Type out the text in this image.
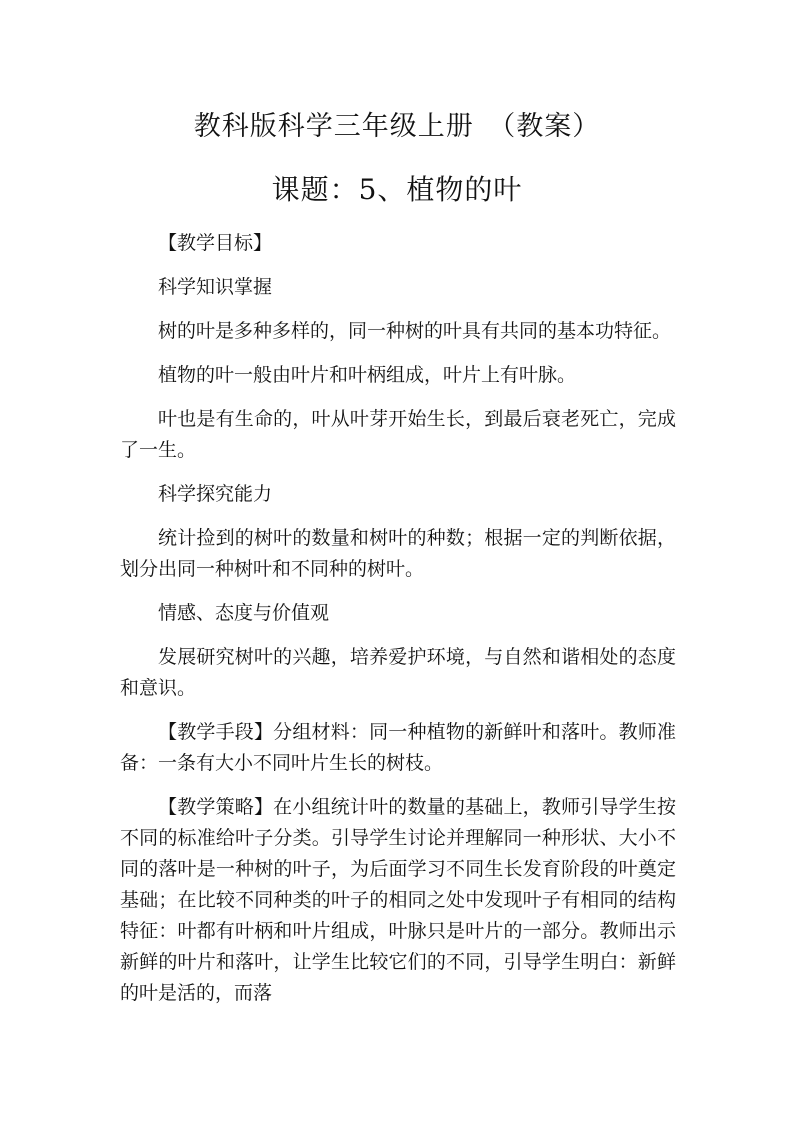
教科版科学三年级上册　（教案）
课题：5、植物的叶

【教学目标】

科学知识掌握

树的叶是多种多样的，同一种树的叶具有共同的基本功特征。

植物的叶一般由叶片和叶柄组成，叶片上有叶脉。

叶也是有生命的，叶从叶芽开始生长，到最后衰老死亡，完成了一生。

科学探究能力

统计捡到的树叶的数量和树叶的种数；根据一定的判断依据，划分出同一种树叶和不同种的树叶。

情感、态度与价值观

发展研究树叶的兴趣，培养爱护环境，与自然和谐相处的态度和意识。

【教学手段】分组材料：同一种植物的新鲜叶和落叶。教师准备：一条有大小不同叶片生长的树枝。

【教学策略】在小组统计叶的数量的基础上，教师引导学生按不同的标准给叶子分类。引导学生讨论并理解同一种形状、大小不同的落叶是一种树的叶子，为后面学习不同生长发育阶段的叶奠定基础；在比较不同种类的叶子的相同之处中发现叶子有相同的结构特征：叶都有叶柄和叶片组成，叶脉只是叶片的一部分。教师出示新鲜的叶片和落叶，让学生比较它们的不同，引导学生明白：新鲜的叶是活的，而落
